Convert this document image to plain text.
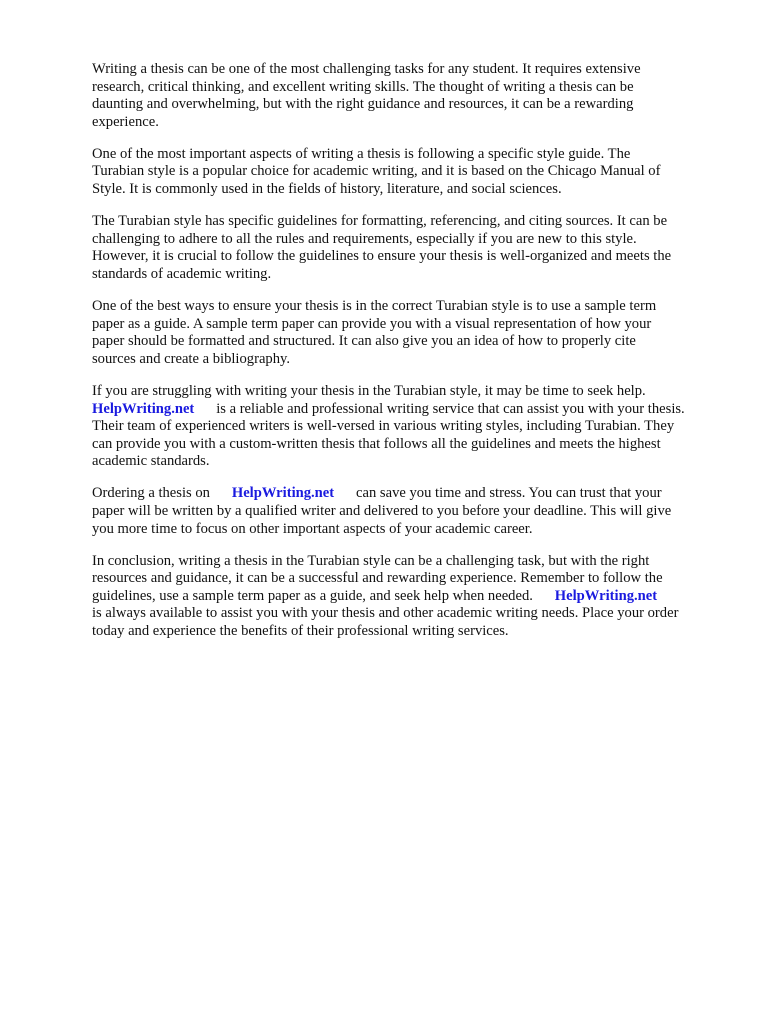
Writing a thesis can be one of the most challenging tasks for any student. It requires extensive
research, critical thinking, and excellent writing skills. The thought of writing a thesis can be
daunting and overwhelming, but with the right guidance and resources, it can be a rewarding
experience.

One of the most important aspects of writing a thesis is following a specific style guide. The
Turabian style is a popular choice for academic writing, and it is based on the Chicago Manual of
Style. It is commonly used in the fields of history, literature, and social sciences.

The Turabian style has specific guidelines for formatting, referencing, and citing sources. It can be
challenging to adhere to all the rules and requirements, especially if you are new to this style.
However, it is crucial to follow the guidelines to ensure your thesis is well-organized and meets the
standards of academic writing.

One of the best ways to ensure your thesis is in the correct Turabian style is to use a sample term
paper as a guide. A sample term paper can provide you with a visual representation of how your
paper should be formatted and structured. It can also give you an idea of how to properly cite
sources and create a bibliography.

If you are struggling with writing your thesis in the Turabian style, it may be time to seek help.
HelpWriting.net      is a reliable and professional writing service that can assist you with your thesis.
Their team of experienced writers is well-versed in various writing styles, including Turabian. They
can provide you with a custom-written thesis that follows all the guidelines and meets the highest
academic standards.

Ordering a thesis on      HelpWriting.net      can save you time and stress. You can trust that your
paper will be written by a qualified writer and delivered to you before your deadline. This will give
you more time to focus on other important aspects of your academic career.

In conclusion, writing a thesis in the Turabian style can be a challenging task, but with the right
resources and guidance, it can be a successful and rewarding experience. Remember to follow the
guidelines, use a sample term paper as a guide, and seek help when needed.      HelpWriting.net
is always available to assist you with your thesis and other academic writing needs. Place your order
today and experience the benefits of their professional writing services.
